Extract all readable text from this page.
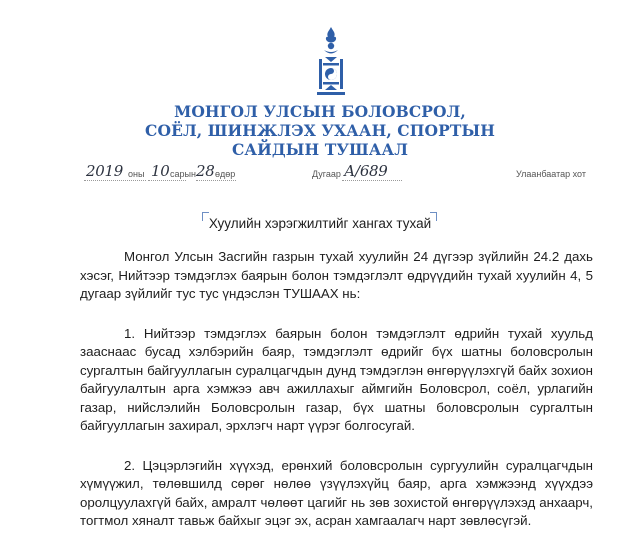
МОНГОЛ УЛСЫН БОЛОВСРОЛ,
СОЁЛ, ШИНЖЛЭХ УХААН, СПОРТЫН
САЙДЫН ТУШААЛ
2019 оны 10 сарын 28 өдөр	Дугаар А/689	Улаанбаатар хот
Хуулийн хэрэгжилтийг хангах тухай

Монгол Улсын Засгийн газрын тухай хуулийн 24 дүгээр зүйлийн 24.2 дахь хэсэг, Нийтээр тэмдэглэх баярын болон тэмдэглэлт өдрүүдийн тухай хуулийн 4, 5 дугаар зүйлийг тус тус үндэслэн ТУШААХ нь:

1. Нийтээр тэмдэглэх баярын болон тэмдэглэлт өдрийн тухай хуульд зааснаас бусад хэлбэрийн баяр, тэмдэглэлт өдрийг бүх шатны боловсролын сургалтын байгууллагын суралцагчдын дунд тэмдэглэн өнгөрүүлэхгүй байх зохион байгуулалтын арга хэмжээ авч ажиллахыг аймгийн Боловсрол, соёл, урлагийн газар, нийслэлийн Боловсролын газар, бүх шатны боловсролын сургалтын байгууллагын захирал, эрхлэгч нарт үүрэг болгосугай.

2. Цэцэрлэгийн хүүхэд, ерөнхий боловсролын сургуулийн суралцагчдын хүмүүжил, төлөвшилд сөрөг нөлөө үзүүлэхүйц баяр, арга хэмжээнд хүүхдээ оролцуулахгүй байх, амралт чөлөөт цагийг нь зөв зохистой өнгөрүүлэхэд анхаарч, тогтмол хяналт тавьж байхыг эцэг эх, асран хамгаалагч нарт зөвлөсүгэй.
